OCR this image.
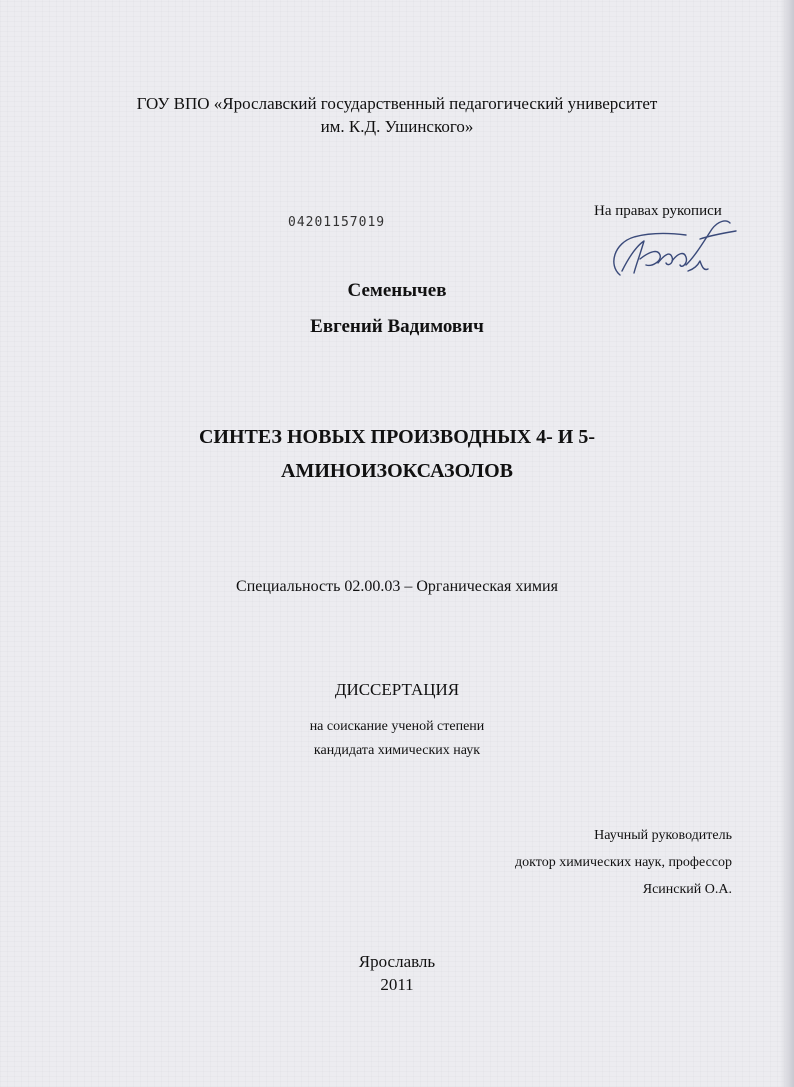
ГОУ ВПО «Ярославский государственный педагогический университет
им. К.Д. Ушинского»
04201157019
На правах рукописи
Семенычев
Евгений Вадимович
СИНТЕЗ НОВЫХ ПРОИЗВОДНЫХ 4- И 5-
АМИНОИЗОКСАЗОЛОВ
Специальность 02.00.03 – Органическая химия
ДИССЕРТАЦИЯ
на соискание ученой степени
кандидата химических наук
Научный руководитель
доктор химических наук, профессор
Ясинский О.А.
Ярославль
2011
